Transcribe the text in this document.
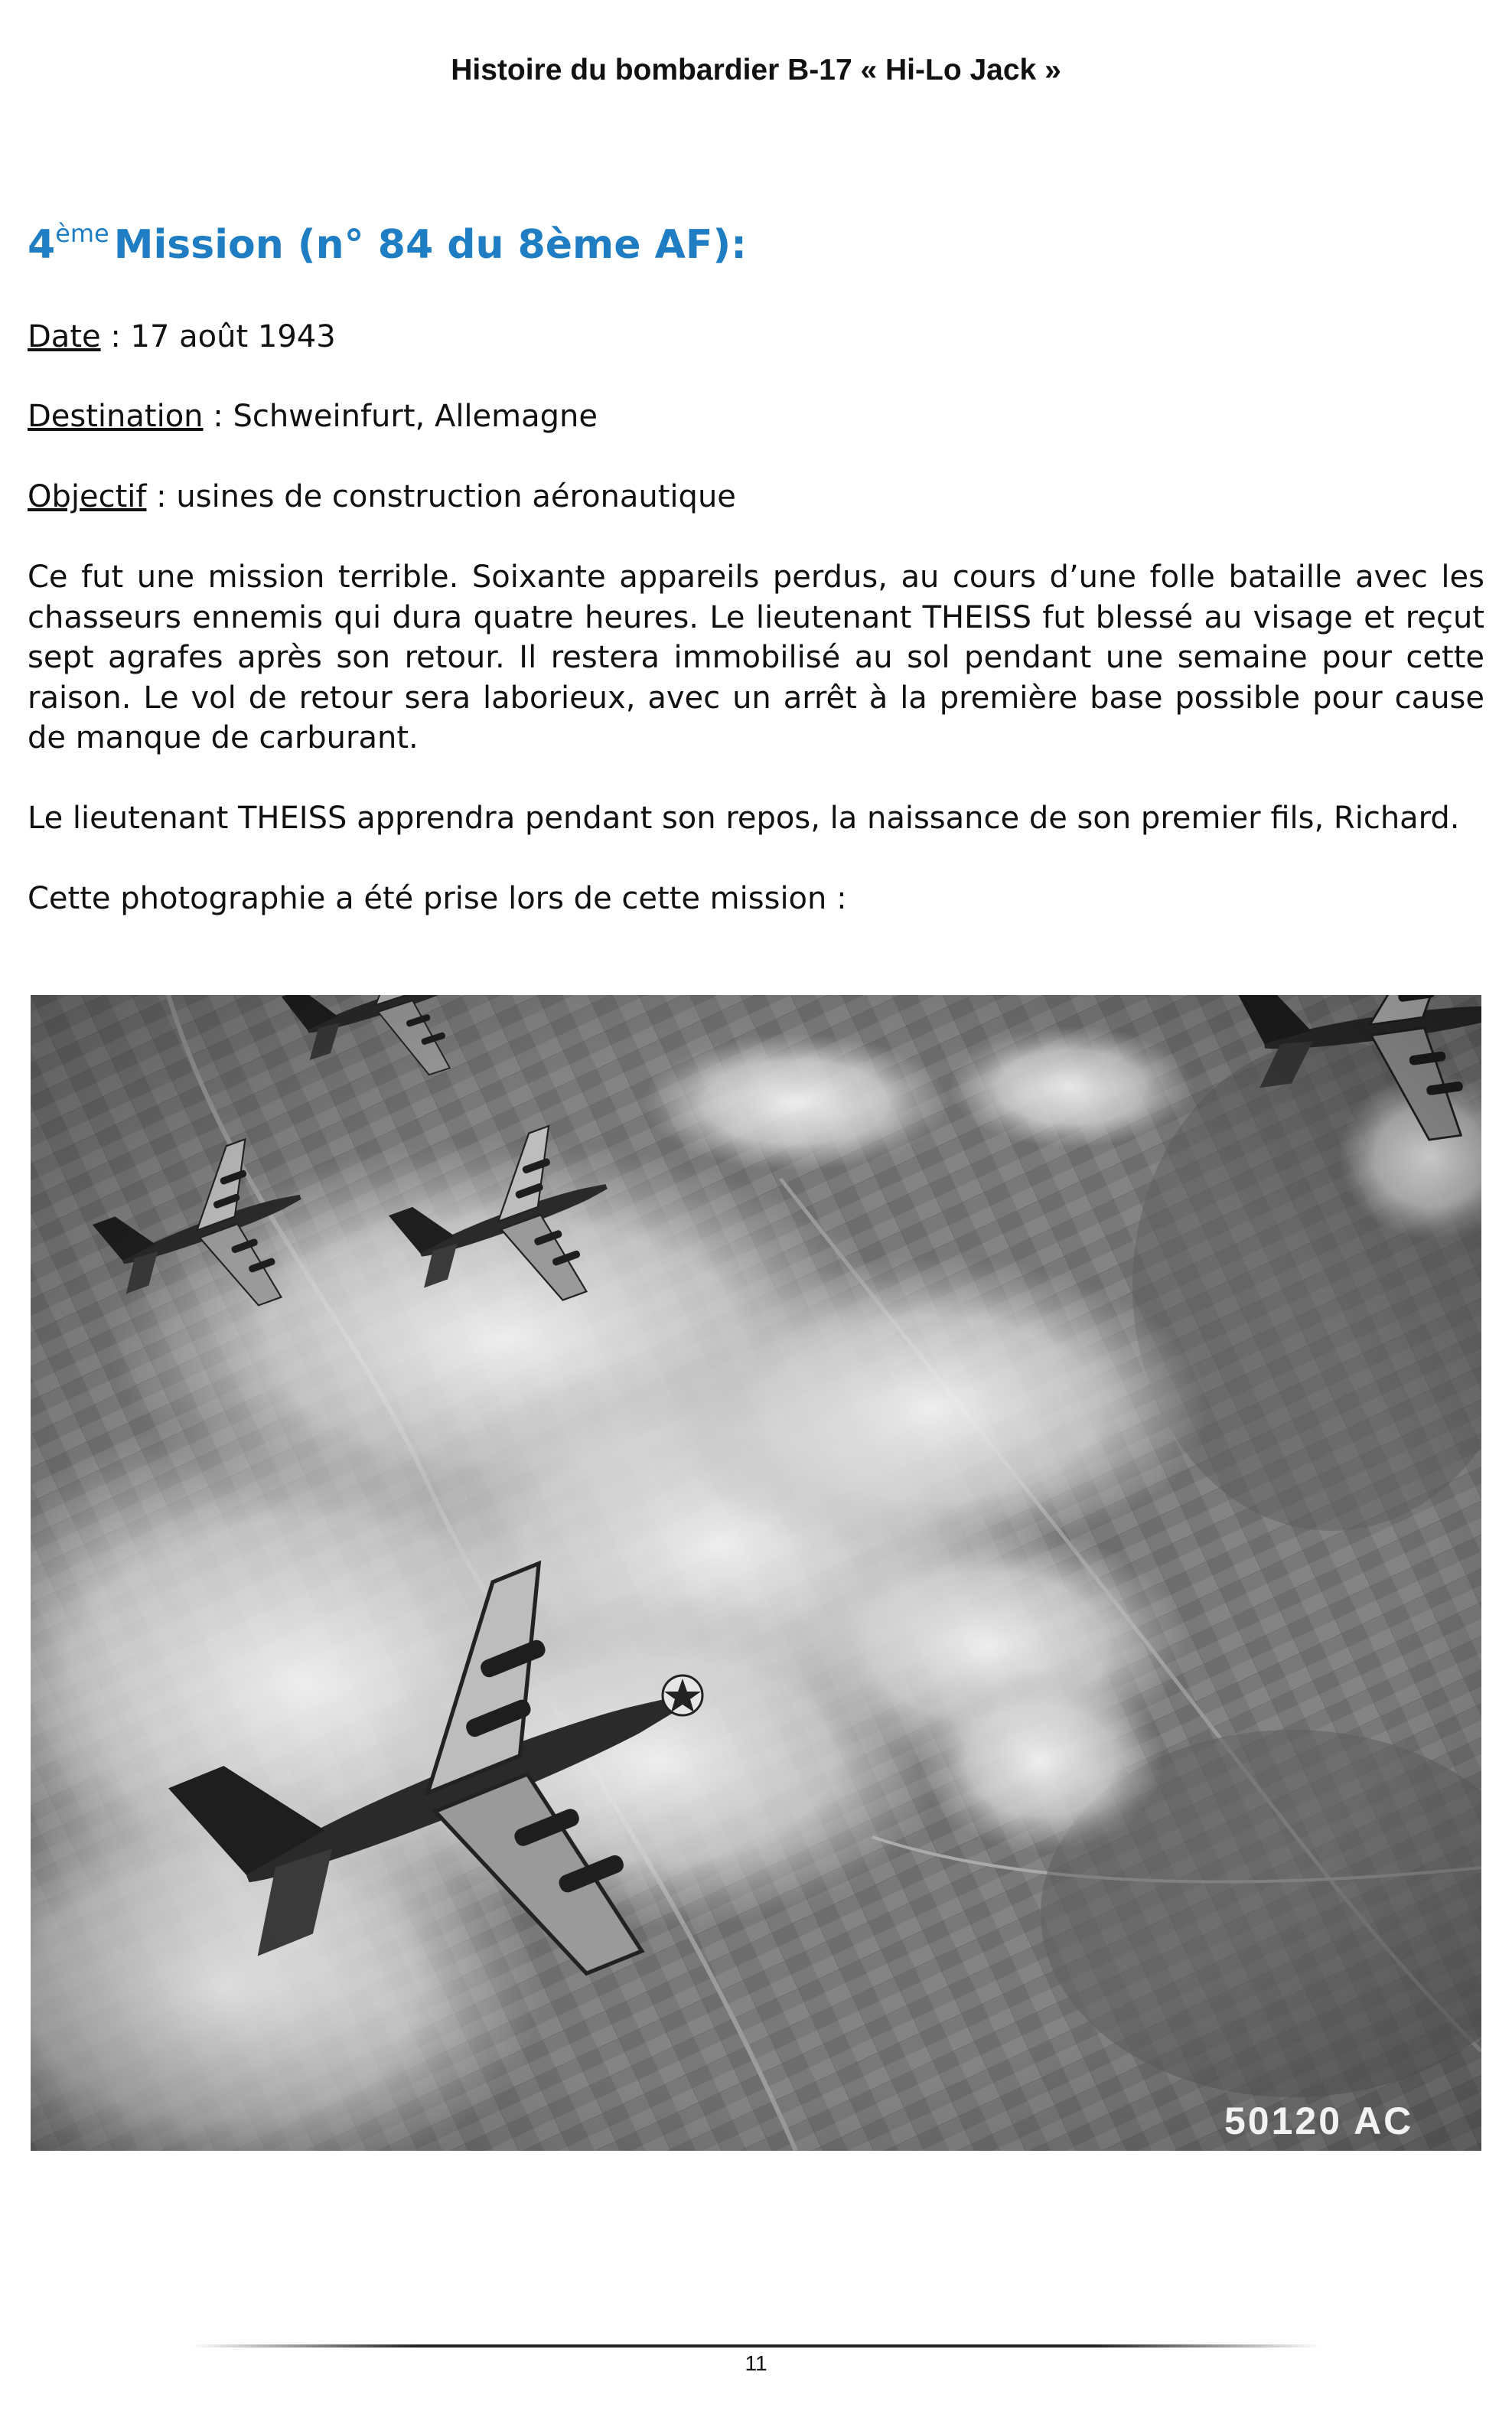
Histoire du bombardier B-17 « Hi-Lo Jack »
4ème Mission (n° 84 du 8ème AF):
Date : 17 août 1943
Destination : Schweinfurt, Allemagne
Objectif : usines de construction aéronautique
Ce fut une mission terrible. Soixante appareils perdus, au cours d’une folle bataille avec les chasseurs ennemis qui dura quatre heures. Le lieutenant THEISS fut blessé au visage et reçut sept agrafes après son retour. Il restera immobilisé au sol pendant une semaine pour cette raison. Le vol de retour sera laborieux, avec un arrêt à la première base possible pour cause de manque de carburant.
Le lieutenant THEISS apprendra pendant son repos, la naissance de son premier fils, Richard.
Cette photographie a été prise lors de cette mission :
50120 AC
11
